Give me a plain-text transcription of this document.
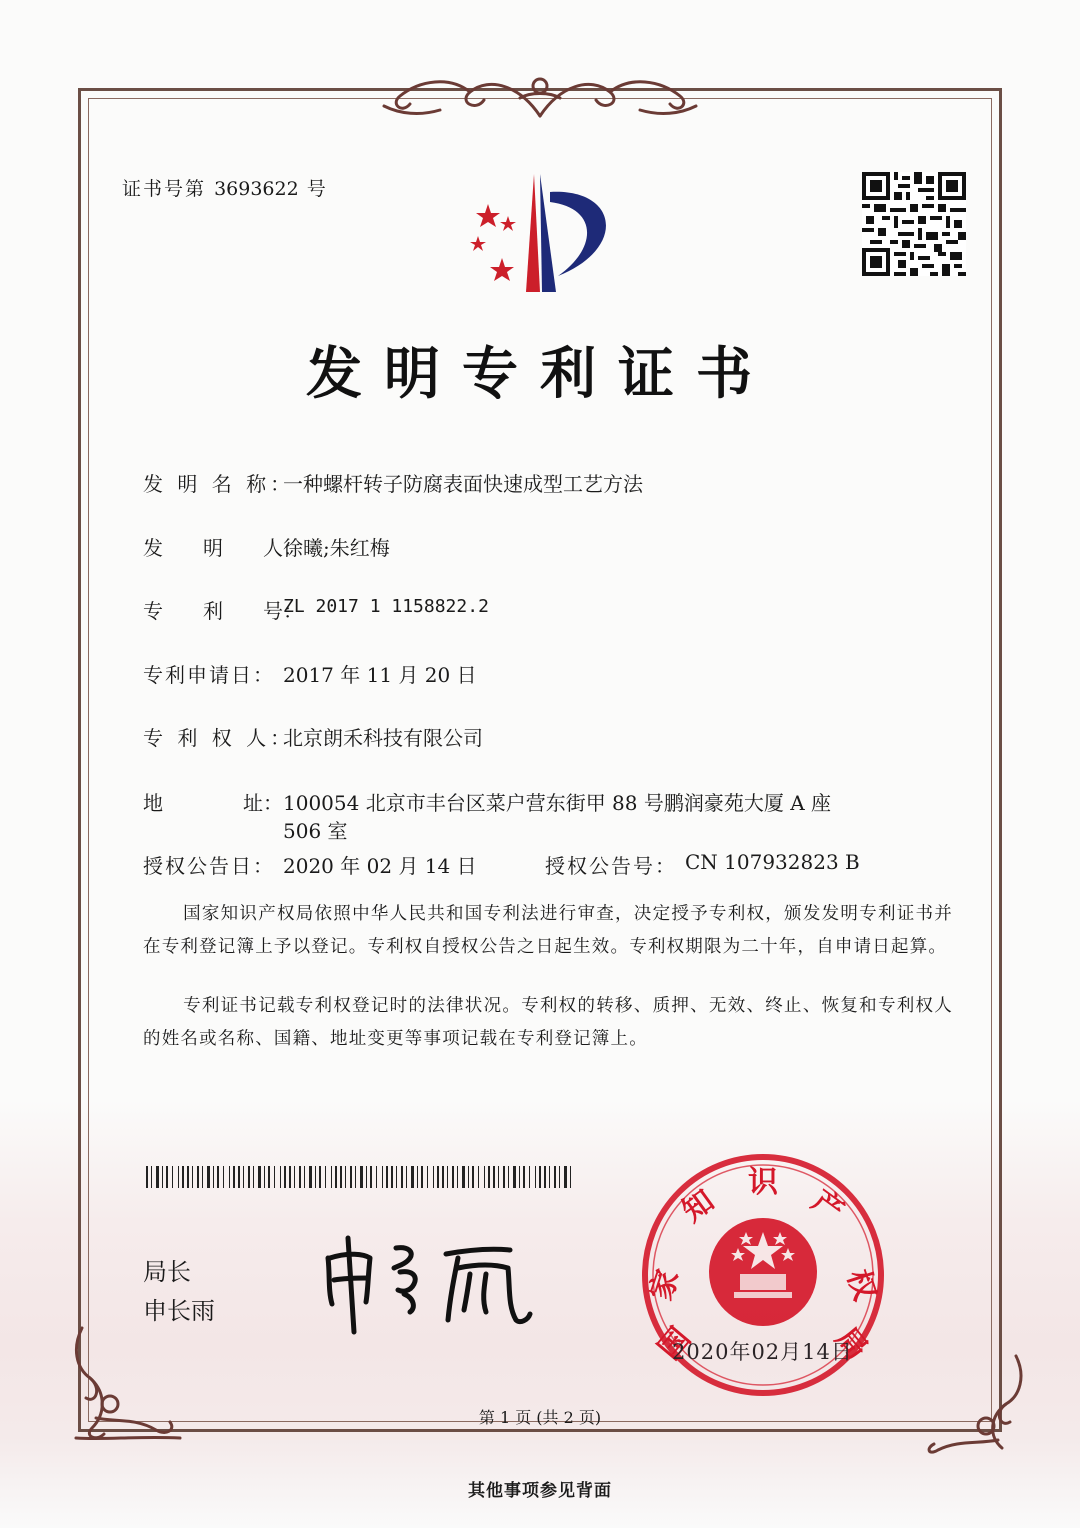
证书号第 3693622 号
发明专利证书
发 明 名 称：
一种螺杆转子防腐表面快速成型工艺方法
发　　明　　人：
徐曦;朱红梅
专　　利　　号：
ZL 2017 1 1158822.2
专利申请日： 2017 年 11 月 20 日
专 利 权 人：
北京朗禾科技有限公司
地　　　　址： 100054 北京市丰台区菜户营东街甲 88 号鹏润豪苑大厦 A 座
506 室
授权公告日： 2020 年 02 月 14 日	授权公告号： CN 107932823 B
国家知识产权局依照中华人民共和国专利法进行审查，决定授予专利权，颁发发明专利证书并在专利登记簿上予以登记。专利权自授权公告之日起生效。专利权期限为二十年，自申请日起算。
专利证书记载专利权登记时的法律状况。专利权的转移、质押、无效、终止、恢复和专利权人的姓名或名称、国籍、地址变更等事项记载在专利登记簿上。
局长
申长雨
国
家
知
识
产
权
局
2020年02月14日
第 1 页 (共 2 页)
其他事项参见背面
